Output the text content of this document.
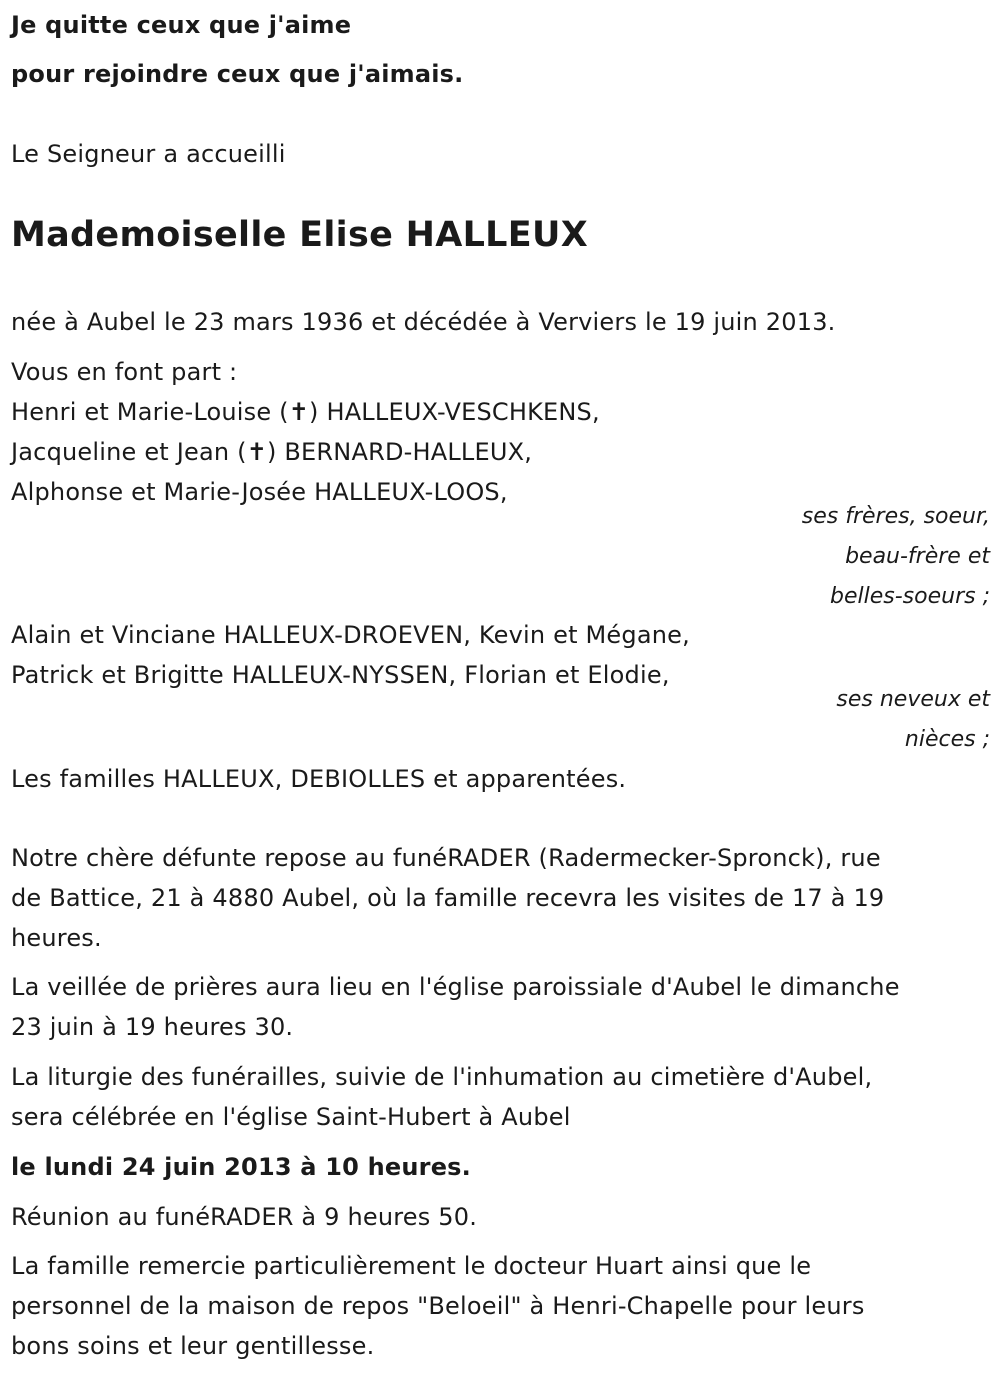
Je quitte ceux que j'aime
pour rejoindre ceux que j'aimais.
Le Seigneur a accueilli
Mademoiselle Elise HALLEUX
née à Aubel le 23 mars 1936 et décédée à Verviers le 19 juin 2013.
Vous en font part :
Henri et Marie-Louise (✝) HALLEUX-VESCHKENS,
Jacqueline et Jean (✝) BERNARD-HALLEUX,
Alphonse et Marie-Josée HALLEUX-LOOS,
ses frères, soeur,
beau-frère et
belles-soeurs ;
Alain et Vinciane HALLEUX-DROEVEN, Kevin et Mégane,
Patrick et Brigitte HALLEUX-NYSSEN, Florian et Elodie,
ses neveux et
nièces ;
Les familles HALLEUX, DEBIOLLES et apparentées.
Notre chère défunte repose au funéRADER (Radermecker-Spronck), rue
de Battice, 21 à 4880 Aubel, où la famille recevra les visites de 17 à 19
heures.
La veillée de prières aura lieu en l'église paroissiale d'Aubel le dimanche
23 juin à 19 heures 30.
La liturgie des funérailles, suivie de l'inhumation au cimetière d'Aubel,
sera célébrée en l'église Saint-Hubert à Aubel
le lundi 24 juin 2013 à 10 heures.
Réunion au funéRADER à 9 heures 50.
La famille remercie particulièrement le docteur Huart ainsi que le
personnel de la maison de repos "Beloeil" à Henri-Chapelle pour leurs
bons soins et leur gentillesse.
